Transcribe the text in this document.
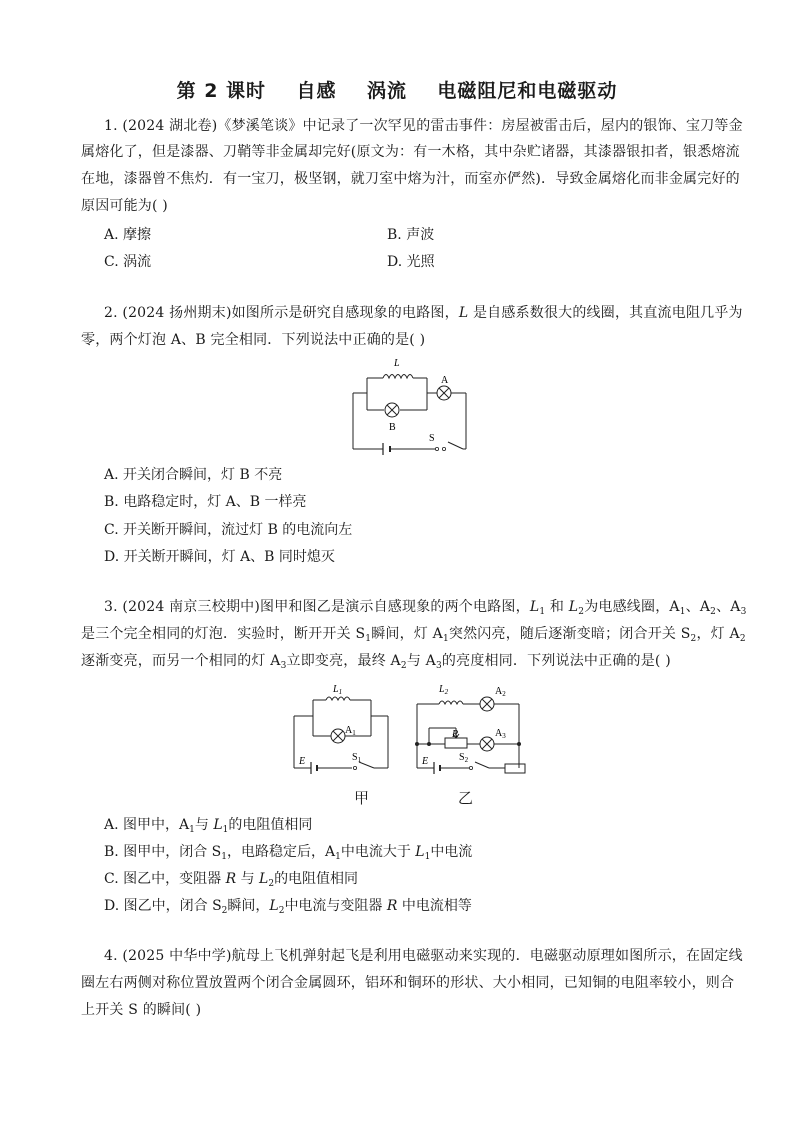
第 2 课时    自感    涡流    电磁阻尼和电磁驱动
1. (2024 湖北卷)《梦溪笔谈》中记录了一次罕见的雷击事件：房屋被雷击后，屋内的银饰、宝刀等金
属熔化了，但是漆器、刀鞘等非金属却完好(原文为：有一木格，其中杂贮诸器，其漆器银扣者，银悉熔流
在地，漆器曾不焦灼．有一宝刀，极坚钢，就刀室中熔为汁，而室亦俨然)．导致金属熔化而非金属完好的
原因可能为( )
A. 摩擦	B. 声波
C. 涡流	D. 光照
2. (2024 扬州期末)如图所示是研究自感现象的电路图，L 是自感系数很大的线圈，其直流电阻几乎为
零，两个灯泡 A、B 完全相同．下列说法中正确的是( )
L
A
B
S
A. 开关闭合瞬间，灯 B 不亮
B. 电路稳定时，灯 A、B 一样亮
C. 开关断开瞬间，流过灯 B 的电流向左
D. 开关断开瞬间，灯 A、B 同时熄灭
3. (2024 南京三校期中)图甲和图乙是演示自感现象的两个电路图，$L_1$ 和 $L_2$为电感线圈，$A_1$、$A_2$、$A_3$
是三个完全相同的灯泡．实验时，断开开关 $S_1$瞬间，灯 $A_1$突然闪亮，随后逐渐变暗；闭合开关 $S_2$，灯 $A_2$
逐渐变亮，而另一个相同的灯 $A_3$立即变亮，最终 $A_2$与 $A_3$的亮度相同．下列说法中正确的是( )
$L_1$
$A_1$
E	$S_1$
$L_2$	$A_2$
R	$A_3$
E	$S_2$
甲	乙
A. 图甲中，$A_1$与 $L_1$的电阻值相同
B. 图甲中，闭合 $S_1$，电路稳定后，$A_1$中电流大于 $L_1$中电流
C. 图乙中，变阻器 R 与 $L_2$的电阻值相同
D. 图乙中，闭合 $S_2$瞬间，$L_2$中电流与变阻器 R 中电流相等
4. (2025 中华中学)航母上飞机弹射起飞是利用电磁驱动来实现的．电磁驱动原理如图所示，在固定线
圈左右两侧对称位置放置两个闭合金属圆环，铝环和铜环的形状、大小相同，已知铜的电阻率较小，则合
上开关 S 的瞬间( )
